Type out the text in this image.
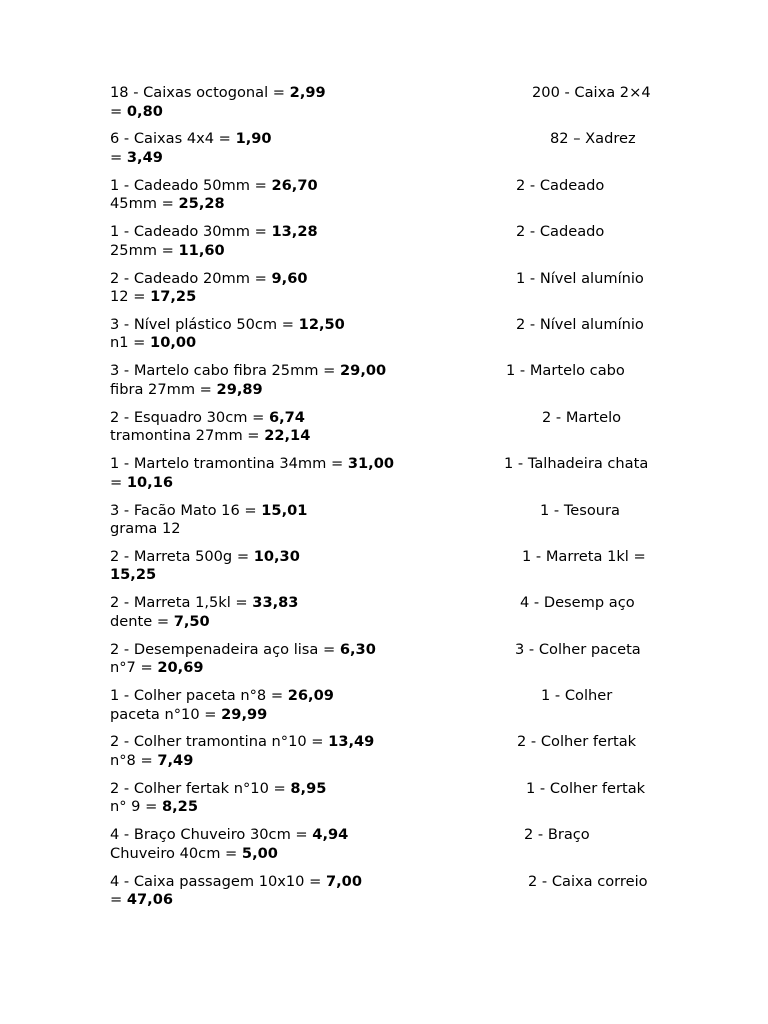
18 - Caixas octogonal = 2,99	200 - Caixa 2×4
= 0,80
6 - Caixas 4x4 = 1,90	82 – Xadrez
= 3,49
1 - Cadeado 50mm = 26,70	2 - Cadeado
45mm = 25,28
1 - Cadeado 30mm = 13,28	2 - Cadeado
25mm = 11,60
2 - Cadeado 20mm = 9,60	1 - Nível alumínio
12 = 17,25
3 - Nível plástico 50cm = 12,50	2 - Nível alumínio
n1 = 10,00
3 - Martelo cabo fibra 25mm = 29,00	1 - Martelo cabo
fibra 27mm = 29,89
2 - Esquadro 30cm = 6,74	2 - Martelo
tramontina 27mm = 22,14
1 - Martelo tramontina 34mm = 31,00	1 - Talhadeira chata
= 10,16
3 - Facão Mato 16 = 15,01	1 - Tesoura
grama 12
2 - Marreta 500g = 10,30	1 - Marreta 1kl =
15,25
2 - Marreta 1,5kl = 33,83	4 - Desemp aço
dente = 7,50
2 - Desempenadeira aço lisa = 6,30	3 - Colher paceta
n°7 = 20,69
1 - Colher paceta n°8 = 26,09	1 - Colher
paceta n°10 = 29,99
2 - Colher tramontina n°10 = 13,49	2 - Colher fertak
n°8 = 7,49
2 - Colher fertak n°10 = 8,95	1 - Colher fertak
n° 9 = 8,25
4 - Braço Chuveiro 30cm = 4,94	2 - Braço
Chuveiro 40cm = 5,00
4 - Caixa passagem 10x10 = 7,00	2 - Caixa correio
= 47,06
